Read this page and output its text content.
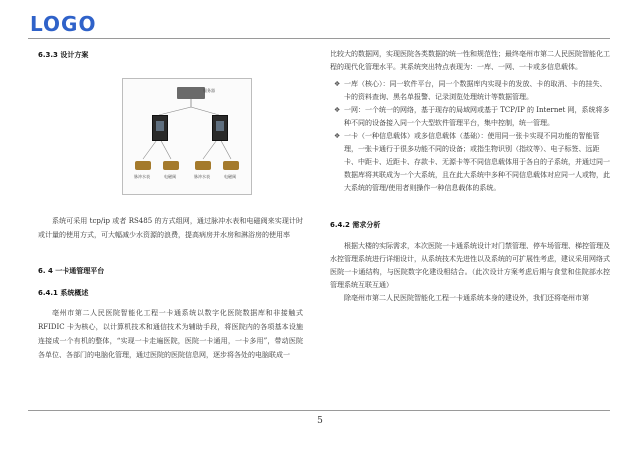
LOGO
6.3.3 设计方案
服务器
脉冲水表	电磁阀	脉冲水表	电磁阀

系统可采用 tcp/ip 或者 RS485 的方式组网，通过脉冲水表和电磁阀来实现计时或计量的使用方式，可大幅减少水资源的浪费，提高病房并水房和淋浴房的使用率

6. 4 一卡通管理平台
6.4.1 系统概述

亳州市第二人民医院智能化工程一卡通系统以数字化医院数据库和非接触式 RFIDIC 卡为核心，以计算机技术和通信技术为辅助手段，将医院内的各项基本设施连接成一个有机的整体，“实现一卡走遍医院，医院一卡通用，一卡多用”，带动医院各单位、各部门的电脑化管理，通过医院的医院信息网，逐步将各处的电脑联成一

比较大的数据网，实现医院各类数据的统一性和规范性；最终亳州市第二人民医院智能化工程的现代化管理水平。其系统突出特点表现为：一库、一网、一卡或多信息载体。

❖ 一库（核心）：同一软件平台，同一个数据库内实现卡的发放、卡的取消、卡的挂失、卡的资料查询、黑名单报警、记录浏览处理统计等数据管理。

❖ 一网：一个统一的网络，基于现存的局域网或基于 TCP/IP 的 Internet 网，系统将多种不同的设备接入同一个大型软件管理平台，集中控制，统一管理。

❖ 一卡（一种信息载体）或多信息载体（基础）：使用同一张卡实现不同功能的智能管理，一张卡通行于很多功能不同的设备；或指生物识别（指纹等）、电子标签、远距卡、中距卡、近距卡、存款卡、无源卡等不同信息载体用于各自的子系统，并通过同一数据库将其联成为一个大系统，且在此大系统中多种不同信息载体对应同一人或物，此大系统的管理/使用者则操作一种信息载体的系统。

6.4.2 需求分析

根据大楼的实际需求，本次医院一卡通系统设计对门禁管理、停车场管理、梯控管理及水控管理系统进行详细设计，从系统技术先进性以及系统的可扩展性考虑，建议采用网络式医院一卡通结构，与医院数字化建设相结合。（此次设计方案考虑后期与食堂和住院部水控管理系统互联互通）

除亳州市第二人民医院智能化工程一卡通系统本身的建设外，我们还将亳州市第

5
